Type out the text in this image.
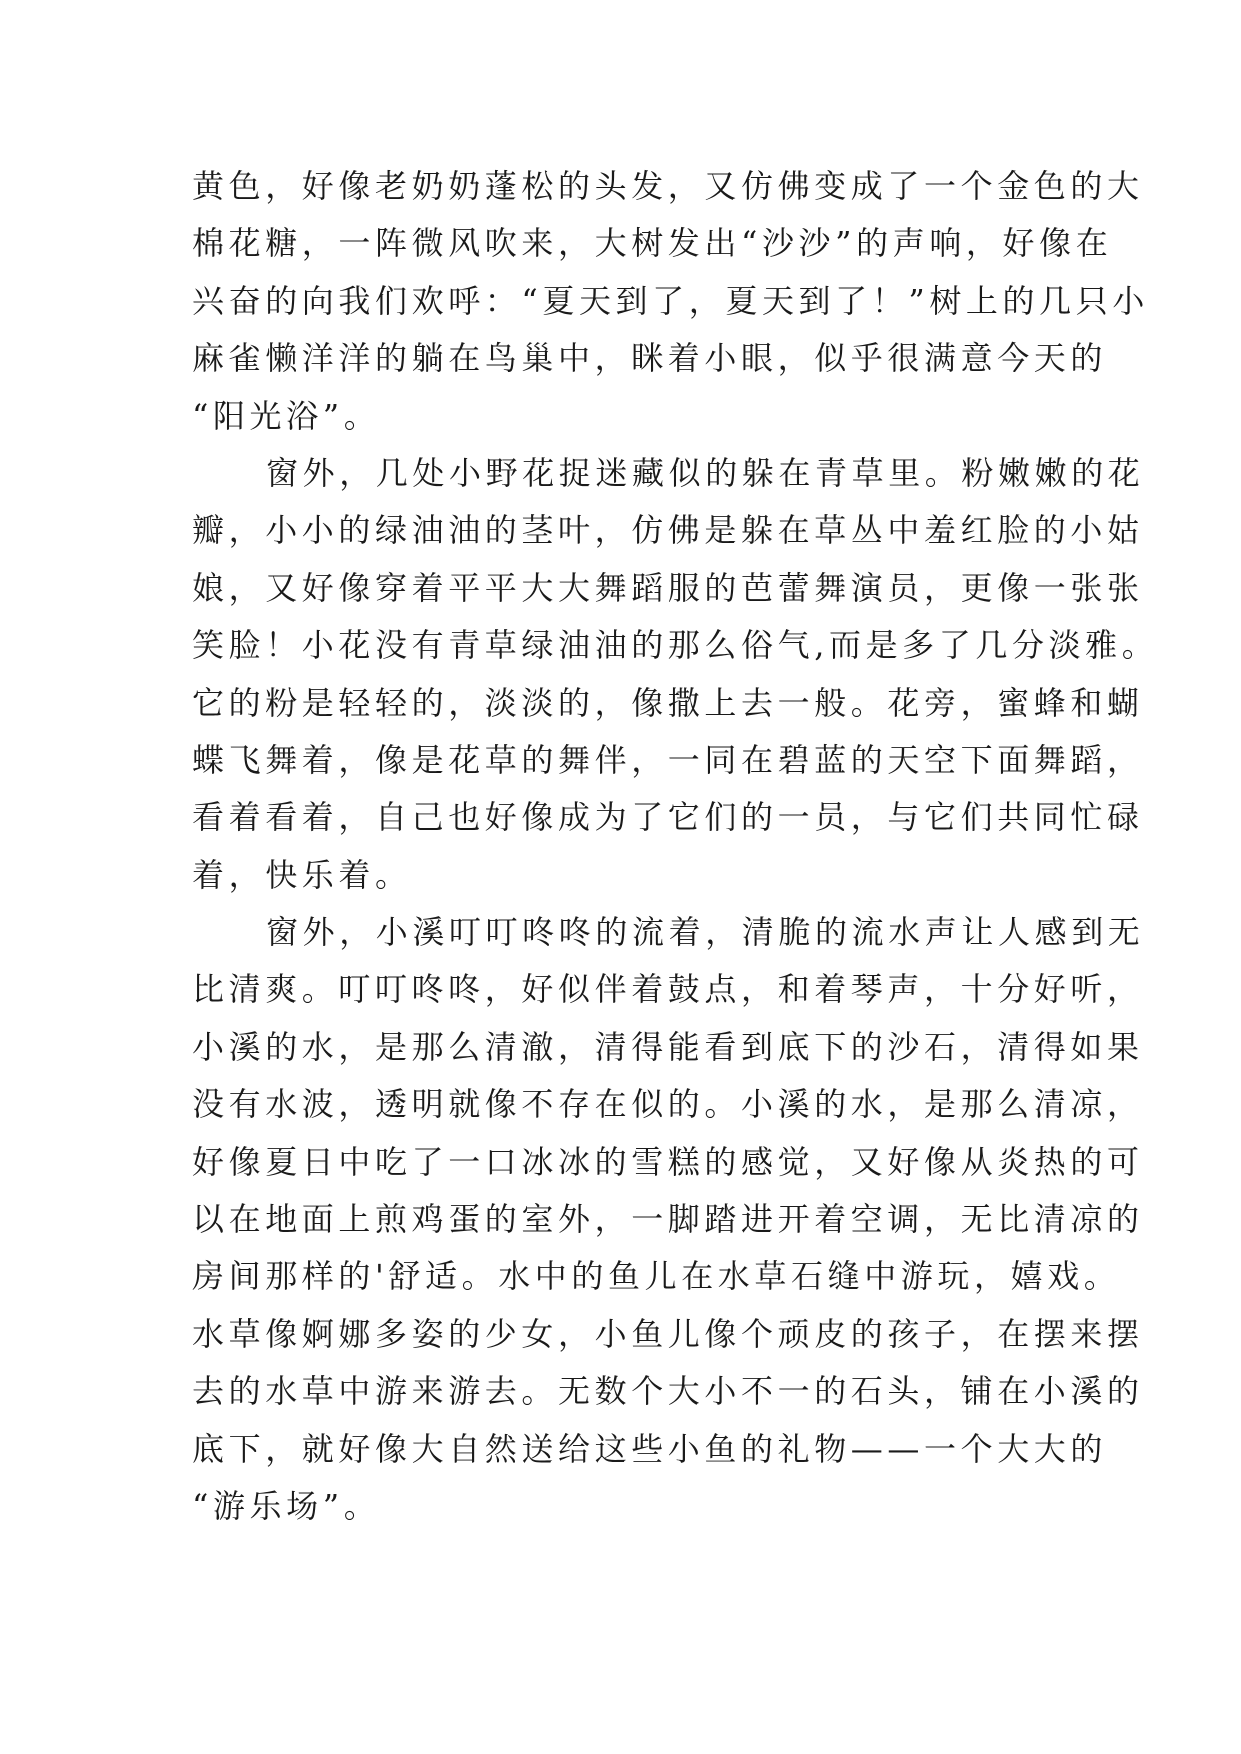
黄色，好像老奶奶蓬松的头发，又仿佛变成了一个金色的大
棉花糖，一阵微风吹来，大树发出“沙沙”的声响，好像在
兴奋的向我们欢呼：“夏天到了，夏天到了！”树上的几只小
麻雀懒洋洋的躺在鸟巢中，眯着小眼，似乎很满意今天的
“阳光浴”。
窗外，几处小野花捉迷藏似的躲在青草里。粉嫩嫩的花
瓣，小小的绿油油的茎叶，仿佛是躲在草丛中羞红脸的小姑
娘，又好像穿着平平大大舞蹈服的芭蕾舞演员，更像一张张
笑脸！小花没有青草绿油油的那么俗气,而是多了几分淡雅。
它的粉是轻轻的，淡淡的，像撒上去一般。花旁，蜜蜂和蝴
蝶飞舞着，像是花草的舞伴，一同在碧蓝的天空下面舞蹈，
看着看着，自己也好像成为了它们的一员，与它们共同忙碌
着，快乐着。
窗外，小溪叮叮咚咚的流着，清脆的流水声让人感到无
比清爽。叮叮咚咚，好似伴着鼓点，和着琴声，十分好听，
小溪的水，是那么清澈，清得能看到底下的沙石，清得如果
没有水波，透明就像不存在似的。小溪的水，是那么清凉，
好像夏日中吃了一口冰冰的雪糕的感觉，又好像从炎热的可
以在地面上煎鸡蛋的室外，一脚踏进开着空调，无比清凉的
房间那样的'舒适。水中的鱼儿在水草石缝中游玩，嬉戏。
水草像婀娜多姿的少女，小鱼儿像个顽皮的孩子，在摆来摆
去的水草中游来游去。无数个大小不一的石头，铺在小溪的
底下，就好像大自然送给这些小鱼的礼物——一个大大的
“游乐场”。
